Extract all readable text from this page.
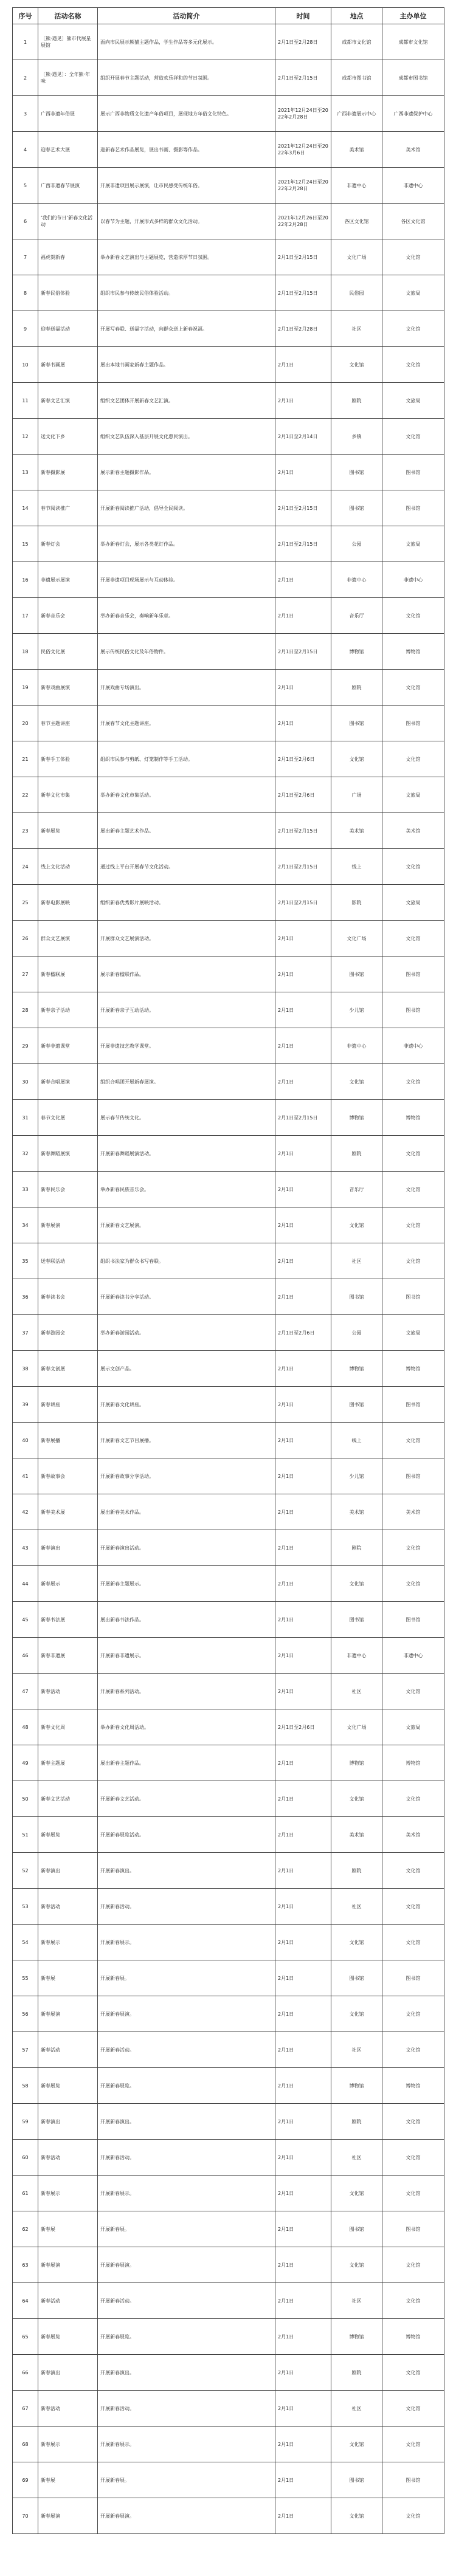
序号	活动名称	活动简介	时间	地点	主办单位
1	〔熊·遇见〕熊市代展星展馆	面向市民展示熊猫主题作品，学生作品等多元化展示。	2月1日至2月28日	成都市文化馆	成都市文化馆
2	〔熊·遇见〕：全年熊·年味	组织开展春节主题活动，营造欢乐祥和的节日氛围。	2月1日至2月15日	成都市图书馆	成都市图书馆
3	广西非遗年俗展	展示广西非物质文化遗产年俗项目，展现地方年俗文化特色。	2021年12月24日至2022年2月28日	广西非遗展示中心	广西非遗保护中心
4	迎春艺术大展	迎新春艺术作品展览，展出书画、摄影等作品。	2021年12月24日至2022年3月6日	美术馆	美术馆
5	广西非遗春节展演	开展非遗项目展示展演，让市民感受传统年俗。	2021年12月24日至2022年2月28日	非遗中心	非遗中心
6	‘我们的节日’新春文化活动	以春节为主题，开展形式多样的群众文化活动。	2021年12月26日至2022年2月28日	各区文化馆	各区文化馆
7	福虎贺新春	举办新春文艺演出与主题展览，营造浓厚节日氛围。	2月1日至2月15日	文化广场	文化馆
8	新春民俗体验	组织市民参与传统民俗体验活动。	2月1日至2月15日	民俗园	文旅局
9	迎春送福活动	开展写春联、送福字活动，向群众送上新春祝福。	2月1日至2月28日	社区	文化馆
10	新春书画展	展出本地书画家新春主题作品。	2月1日	文化馆	文化馆
11	新春文艺汇演	组织文艺团体开展新春文艺汇演。	2月1日	剧院	文旅局
12	送文化下乡	组织文艺队伍深入基层开展文化惠民演出。	2月1日至2月14日	乡镇	文化馆
13	新春摄影展	展示新春主题摄影作品。	2月1日	图书馆	图书馆
14	春节阅读推广	开展新春阅读推广活动，倡导全民阅读。	2月1日至2月15日	图书馆	图书馆
15	新春灯会	举办新春灯会，展示各类花灯作品。	2月1日至2月15日	公园	文旅局
16	非遗展示展演	开展非遗项目现场展示与互动体验。	2月1日	非遗中心	非遗中心
17	新春音乐会	举办新春音乐会，奏响新年乐章。	2月1日	音乐厅	文化馆
18	民俗文化展	展示传统民俗文化及年俗物件。	2月1日至2月15日	博物馆	博物馆
19	新春戏曲展演	开展戏曲专场演出。	2月1日	剧院	文化馆
20	春节主题讲座	开展春节文化主题讲座。	2月1日	图书馆	图书馆
21	新春手工体验	组织市民参与剪纸、灯笼制作等手工活动。	2月1日至2月6日	文化馆	文化馆
22	新春文化市集	举办新春文化市集活动。	2月1日至2月6日	广场	文旅局
23	新春展览	展出新春主题艺术作品。	2月1日至2月15日	美术馆	美术馆
24	线上文化活动	通过线上平台开展春节文化活动。	2月1日至2月15日	线上	文化馆
25	新春电影展映	组织新春优秀影片展映活动。	2月1日至2月15日	影院	文旅局
26	群众文艺展演	开展群众文艺展演活动。	2月1日	文化广场	文化馆
27	新春楹联展	展示新春楹联作品。	2月1日	图书馆	图书馆
28	新春亲子活动	开展新春亲子互动活动。	2月1日	少儿馆	图书馆
29	新春非遗课堂	开展非遗技艺教学课堂。	2月1日	非遗中心	非遗中心
30	新春合唱展演	组织合唱团开展新春展演。	2月1日	文化馆	文化馆
31	春节文化展	展示春节传统文化。	2月1日至2月15日	博物馆	博物馆
32	新春舞蹈展演	开展新春舞蹈展演活动。	2月1日	剧院	文化馆
33	新春民乐会	举办新春民族音乐会。	2月1日	音乐厅	文化馆
34	新春展演	开展新春文艺展演。	2月1日	文化馆	文化馆
35	送春联活动	组织书法家为群众书写春联。	2月1日	社区	文化馆
36	新春读书会	开展新春读书分享活动。	2月1日	图书馆	图书馆
37	新春游园会	举办新春游园活动。	2月1日至2月6日	公园	文旅局
38	新春文创展	展示文创产品。	2月1日	博物馆	博物馆
39	新春讲座	开展新春文化讲座。	2月1日	图书馆	图书馆
40	新春展播	开展新春文艺节目展播。	2月1日	线上	文化馆
41	新春故事会	开展新春故事分享活动。	2月1日	少儿馆	图书馆
42	新春美术展	展出新春美术作品。	2月1日	美术馆	美术馆
43	新春演出	开展新春演出活动。	2月1日	剧院	文化馆
44	新春展示	开展新春主题展示。	2月1日	文化馆	文化馆
45	新春书法展	展出新春书法作品。	2月1日	图书馆	图书馆
46	新春非遗展	开展新春非遗展示。	2月1日	非遗中心	非遗中心
47	新春活动	开展新春系列活动。	2月1日	社区	文化馆
48	新春文化周	举办新春文化周活动。	2月1日至2月6日	文化广场	文旅局
49	新春主题展	展出新春主题作品。	2月1日	博物馆	博物馆
50	新春文艺活动	开展新春文艺活动。	2月1日	文化馆	文化馆
51	新春展览	开展新春展览活动。	2月1日	美术馆	美术馆
52	新春演出	开展新春演出。	2月1日	剧院	文化馆
53	新春活动	开展新春活动。	2月1日	社区	文化馆
54	新春展示	开展新春展示。	2月1日	文化馆	文化馆
55	新春展	开展新春展。	2月1日	图书馆	图书馆
56	新春展演	开展新春展演。	2月1日	文化馆	文化馆
57	新春活动	开展新春活动。	2月1日	社区	文化馆
58	新春展览	开展新春展览。	2月1日	博物馆	博物馆
59	新春演出	开展新春演出。	2月1日	剧院	文化馆
60	新春活动	开展新春活动。	2月1日	社区	文化馆
61	新春展示	开展新春展示。	2月1日	文化馆	文化馆
62	新春展	开展新春展。	2月1日	图书馆	图书馆
63	新春展演	开展新春展演。	2月1日	文化馆	文化馆
64	新春活动	开展新春活动。	2月1日	社区	文化馆
65	新春展览	开展新春展览。	2月1日	博物馆	博物馆
66	新春演出	开展新春演出。	2月1日	剧院	文化馆
67	新春活动	开展新春活动。	2月1日	社区	文化馆
68	新春展示	开展新春展示。	2月1日	文化馆	文化馆
69	新春展	开展新春展。	2月1日	图书馆	图书馆
70	新春展演	开展新春展演。	2月1日	文化馆	文化馆
